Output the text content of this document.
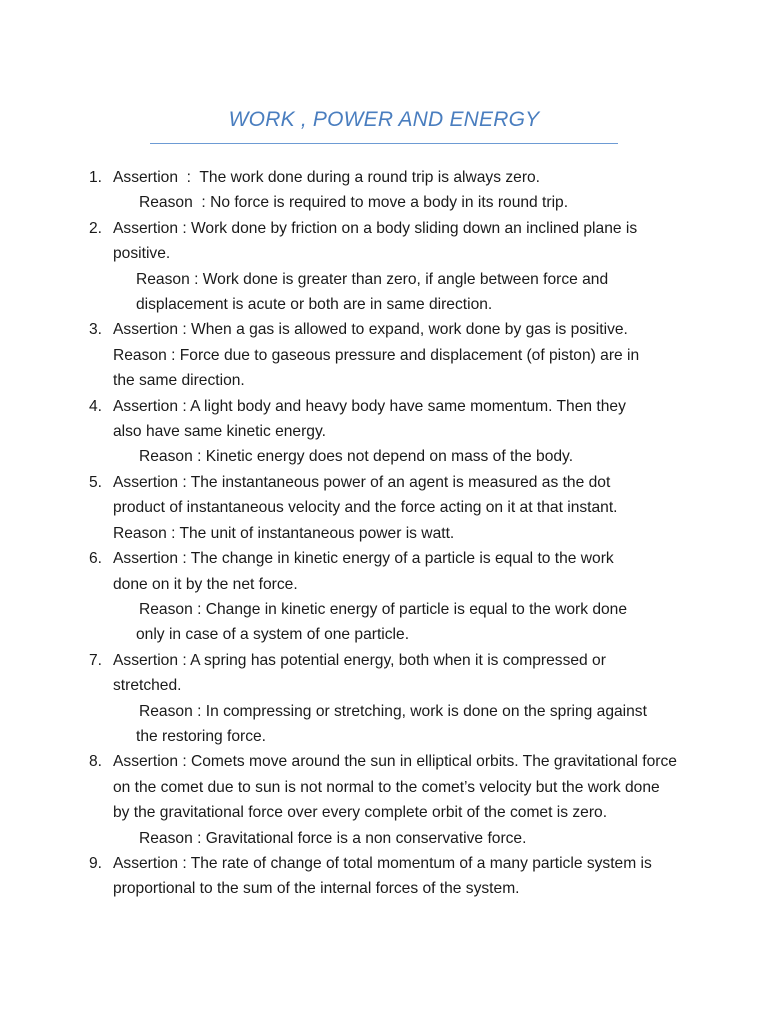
WORK , POWER AND ENERGY
1. Assertion  :  The work done during a round trip is always zero.
Reason  : No force is required to move a body in its round trip.
2. Assertion : Work done by friction on a body sliding down an inclined plane is positive.
Reason : Work done is greater than zero, if angle between force and displacement is acute or both are in same direction.
3. Assertion : When a gas is allowed to expand, work done by gas is positive.
Reason : Force due to gaseous pressure and displacement (of piston) are in the same direction.
4. Assertion : A light body and heavy body have same momentum. Then they also have same kinetic energy.
Reason : Kinetic energy does not depend on mass of the body.
5. Assertion : The instantaneous power of an agent is measured as the dot product of instantaneous velocity and the force acting on it at that instant.
Reason : The unit of instantaneous power is watt.
6. Assertion : The change in kinetic energy of a particle is equal to the work done on it by the net force.
Reason : Change in kinetic energy of particle is equal to the work done only in case of a system of one particle.
7. Assertion : A spring has potential energy, both when it is compressed or stretched.
Reason : In compressing or stretching, work is done on the spring against the restoring force.
8. Assertion : Comets move around the sun in elliptical orbits. The gravitational force on the comet due to sun is not normal to the comet’s velocity but the work done by the gravitational force over every complete orbit of the comet is zero.
Reason : Gravitational force is a non conservative force.
9. Assertion : The rate of change of total momentum of a many particle system is proportional to the sum of the internal forces of the system.
